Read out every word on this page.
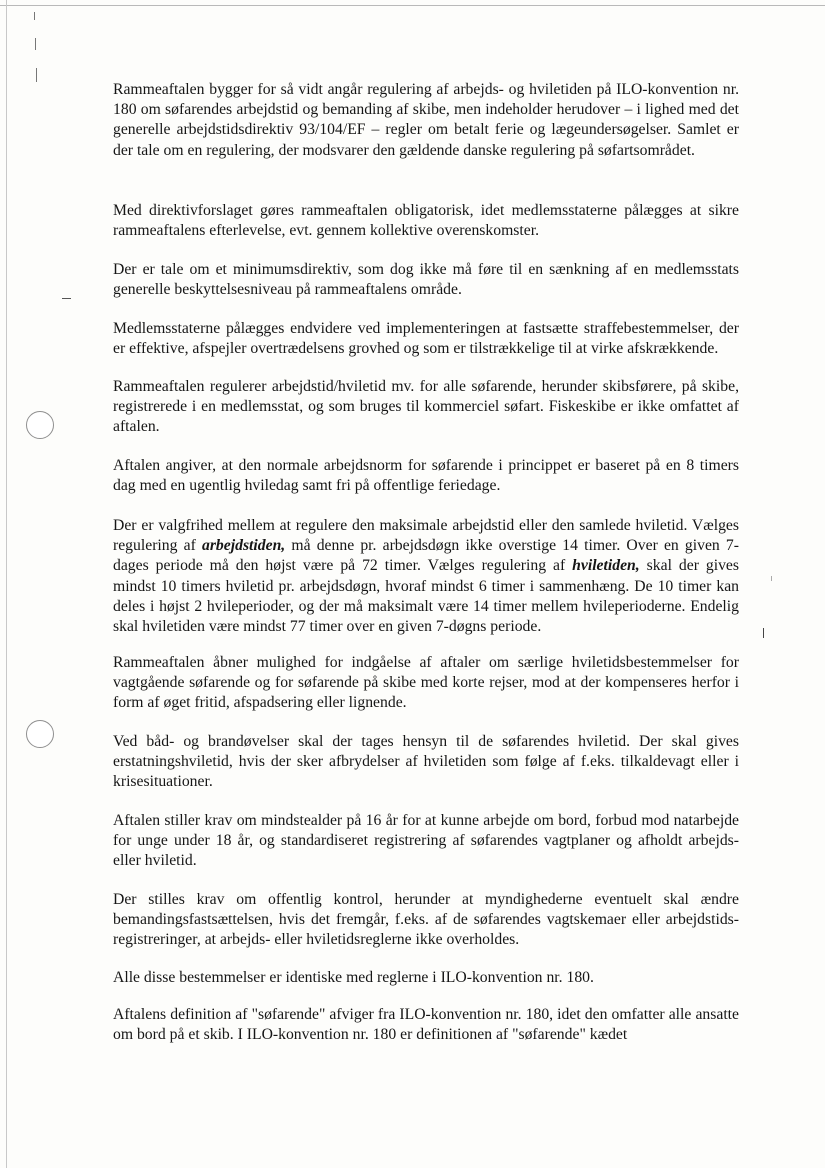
Rammeaftalen bygger for så vidt angår regulering af arbejds- og hviletiden på ILO-konvention nr. 180 om søfarendes arbejdstid og bemanding af skibe, men indeholder herudover – i lighed med det generelle arbejdstidsdirektiv 93/104/EF – regler om betalt ferie og lægeundersøgelser. Samlet er der tale om en regulering, der modsvarer den gældende danske regulering på søfartsområdet.

Med direktivforslaget gøres rammeaftalen obligatorisk, idet medlemsstaterne pålægges at sikre rammeaftalens efterlevelse, evt. gennem kollektive overenskomster.

Der er tale om et minimumsdirektiv, som dog ikke må føre til en sænkning af en medlemsstats generelle beskyttelsesniveau på rammeaftalens område.

Medlemsstaterne pålægges endvidere ved implementeringen at fastsætte straffebestemmelser, der er effektive, afspejler overtrædelsens grovhed og som er tilstrækkelige til at virke afskrækkende.

Rammeaftalen regulerer arbejdstid/hviletid mv. for alle søfarende, herunder skibsførere, på skibe, registrerede i en medlemsstat, og som bruges til kommerciel søfart. Fiskeskibe er ikke omfattet af aftalen.

Aftalen angiver, at den normale arbejdsnorm for søfarende i princippet er baseret på en 8 timers dag med en ugentlig hviledag samt fri på offentlige feriedage.

Der er valgfrihed mellem at regulere den maksimale arbejdstid eller den samlede hviletid. Vælges regulering af arbejdstiden, må denne pr. arbejdsdøgn ikke overstige 14 timer. Over en given 7-dages periode må den højst være på 72 timer. Vælges regulering af hviletiden, skal der gives mindst 10 timers hviletid pr. arbejdsdøgn, hvoraf mindst 6 timer i sammenhæng. De 10 timer kan deles i højst 2 hvileperioder, og der må maksimalt være 14 timer mellem hvileperioderne. Endelig skal hviletiden være mindst 77 timer over en given 7-døgns periode.

Rammeaftalen åbner mulighed for indgåelse af aftaler om særlige hviletidsbestemmelser for vagtgående søfarende og for søfarende på skibe med korte rejser, mod at der kompenseres herfor i form af øget fritid, afspadsering eller lignende.

Ved båd- og brandøvelser skal der tages hensyn til de søfarendes hviletid. Der skal gives erstatningshviletid, hvis der sker afbrydelser af hviletiden som følge af f.eks. tilkaldevagt eller i krisesituationer.

Aftalen stiller krav om mindstealder på 16 år for at kunne arbejde om bord, forbud mod natarbejde for unge under 18 år, og standardiseret registrering af søfarendes vagtplaner og afholdt arbejds- eller hviletid.

Der stilles krav om offentlig kontrol, herunder at myndighederne eventuelt skal ændre bemandingsfastsættelsen, hvis det fremgår, f.eks. af de søfarendes vagtskemaer eller arbejdstids-registreringer, at arbejds- eller hviletidsreglerne ikke overholdes.

Alle disse bestemmelser er identiske med reglerne i ILO-konvention nr. 180.

Aftalens definition af "søfarende" afviger fra ILO-konvention nr. 180, idet den omfatter alle ansatte om bord på et skib. I ILO-konvention nr. 180 er definitionen af "søfarende" kædet
